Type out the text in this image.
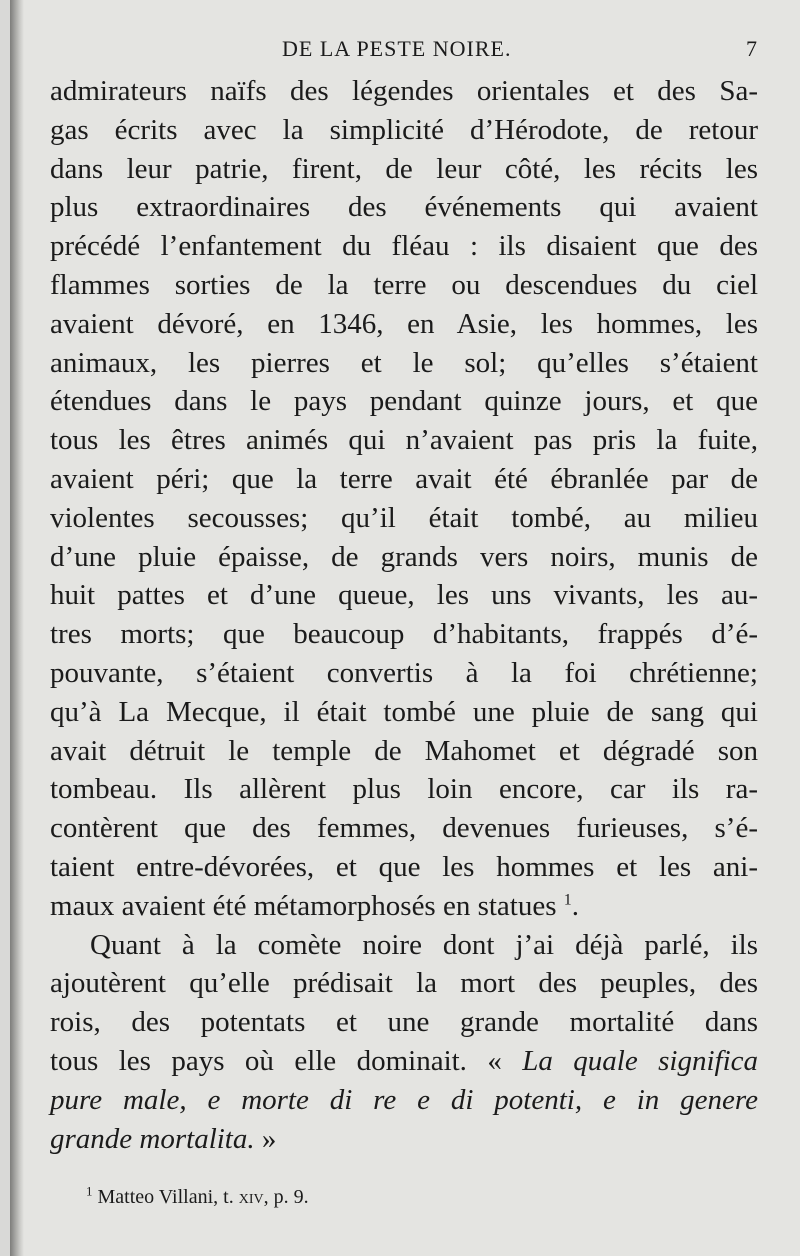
DE LA PESTE NOIRE.	7
admirateurs naïfs des légendes orientales et des Sa-
gas écrits avec la simplicité d’Hérodote, de retour
dans leur patrie, firent, de leur côté, les récits les
plus extraordinaires des événements qui avaient
précédé l’enfantement du fléau : ils disaient que des
flammes sorties de la terre ou descendues du ciel
avaient dévoré, en 1346, en Asie, les hommes, les
animaux, les pierres et le sol; qu’elles s’étaient
étendues dans le pays pendant quinze jours, et que
tous les êtres animés qui n’avaient pas pris la fuite,
avaient péri; que la terre avait été ébranlée par de
violentes secousses; qu’il était tombé, au milieu
d’une pluie épaisse, de grands vers noirs, munis de
huit pattes et d’une queue, les uns vivants, les au-
tres morts; que beaucoup d’habitants, frappés d’é-
pouvante, s’étaient convertis à la foi chrétienne;
qu’à La Mecque, il était tombé une pluie de sang qui
avait détruit le temple de Mahomet et dégradé son
tombeau. Ils allèrent plus loin encore, car ils ra-
contèrent que des femmes, devenues furieuses, s’é-
taient entre-dévorées, et que les hommes et les ani-
maux avaient été métamorphosés en statues $^1$.
Quant à la comète noire dont j’ai déjà parlé, ils
ajoutèrent qu’elle prédisait la mort des peuples, des
rois, des potentats et une grande mortalité dans
tous les pays où elle dominait. « La quale significa
pure male, e morte di re e di potenti, e in genere
grande mortalita. »
$^1$ Matteo Villani, t. xiv, p. 9.
